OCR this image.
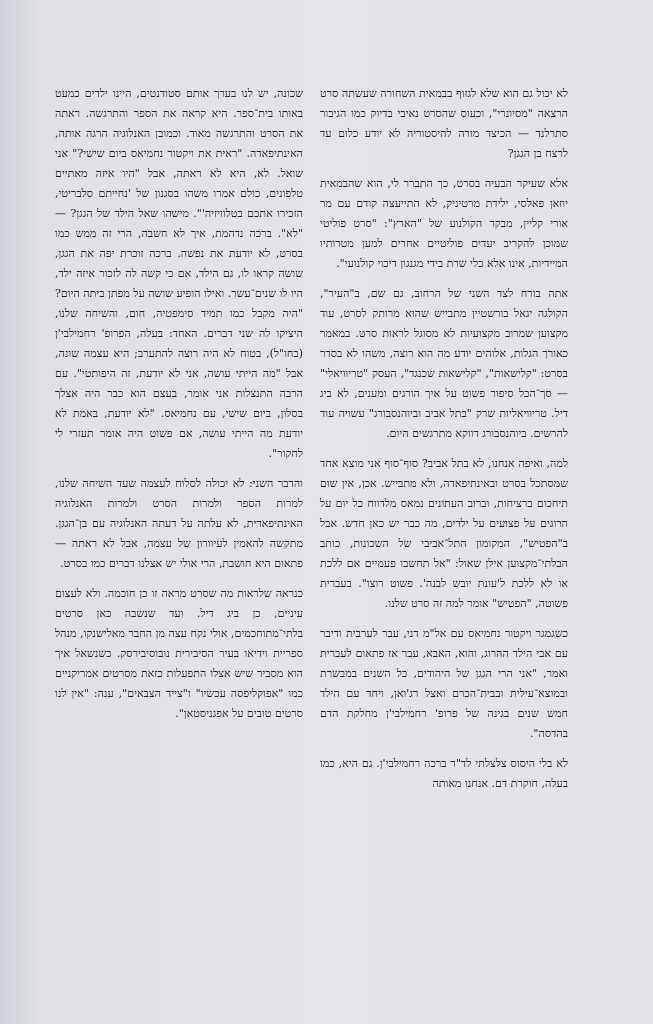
לא יכול גם הוא שלא לגזוף בבמאית השחורה שעשתה סרט הרצאה "מסיונרי", וכעוס שהסרט נאיבי בדיוק כמו הגיבור סתרלנד — הכיצד מורה להיסטוריה לא יודע כלום עד לרצח בן הגגן?

אלא שעיקר הבעיה בסרט, כך התברר לי, הוא שהבמאית יוזאן פאלסי, ילידת מרטיניק, לא התייעצה קודם עם מר אורי קליין, מבקר הקולנוע של "הארץ": "סרט פוליטי שמוכן להקריב יעדים פוליטיים אחרים למען מטרותיו המיידיות, אינו אלא כלי שרת בידי מגנגון דיכוי קולנועי".

אתה בורח לצד השני של הרחוב, גם שם, ב"העיר", הקולגה יגאל בורשטיין מתבייש שהוא מרותק לסרט, עוד מקצוען שמרוב מקצועיות לא מסוגל לראות סרט. במאמר כאורך הגלות, אלוהים יודע מה הוא רוצה, משהו לא בסדר בסרט: "קלישאות", "קלישאות שכנגד", העסק "טריוויאלי" — סך־הכל סיפור פשוט על איך הורגים ומענים, לא ביג דיל. טריוויאליות שרק "בתל אביב וביוהנסבורג" עשויה עוד להרשים. ביוהנסבורג דווקא מתרגשים היום.

למה, ואיפה אנחנו, לא בתל אביב? סוף־סוף אני מוצא אחד שמסתכל בסרט ובאינתיפאדה, ולא מתבייש. אכן, אין שום תיחכום ברציחות, וברוב העתונים נמאס מלדווח כל יום על הרוגים על פצועים על ילדים, מה כבר יש כאן חדש. אבל ב"הפטיש", המקומון התל־אביבי של השכונות, כותב הבלתי־מקצוען אילן שאול: "אל תחשבו פעמיים אם ללכת או לא ללכת ל'עונת יובש לבנה'. פשוט רוצו". בעברית פשוטה, "הפטיש" אומר למה זה סרט שלנו.

כשגמגר ויקטור נחמיאס עם אל"מ דני, עבר לערבית ודיבר עם אבי הילד ההרוג, והוא, האבא, עבר אז פתאום לעברית ואמר, "אני הרי הגגן של היהודים, כל השנים במבשרת ובמוצא־עילית ובבית־הכרם ואצל רג'ואן, ויחד עם הילד חמש שנים בגינה של פרופ' רחמילבי'ן מחלקת הדם בהדסה".

לא בלי היסוס צלצלתי לד"ר ברכה רחמילבי'ן. גם היא, כמו בעלה, חוקרת דם. אנחנו מאותה

שכונה, יש לנו בערך אותם סטודנטים, היינו ילדים כמעט באותו בית־ספר. היא קראה את הספר והתרגשה. ראתה את הסרט והתרגשה מאוד. וכמובן האנלוגיה הרגה אותה, האינתיפאדה. "ראית את ויקטור נחמיאס ביום שישי?" אני שואל. לא, היא לא ראתה, אבל "היו איזה מאתיים טלפונים, כולם אמרו משהו בסגנון של 'נחייתם סלבריטי, הזכירו אתכם בטלוויזיה'". מישהו שאל הילד של הגגן? — "לא". ברכה נדהמת, איך לא חשבה, הרי זה ממש כמו בסרט, לא יודעת את נפשה. ברכה זוכרת יפה את הגגן, שושה קראו לו, גם הילד, אם כי קשה לה לזכור איזה ילד, היו לו שנים־עשר. ואילו הופיע שושה על מפתן ביתה היום? "היה מקבל כמו תמיד סימפטיה, חום, והשיחה שלנו, היציקו לה שני דברים. האחד: בעלה, הפרופ' רחמילבי'ן (בחו"ל), בטוח לא היה רוצה להתערב; היא עצמה שונה, אבל "מה הייתי עושה, אני לא יודעת, זה היפותטי". עם הרבה התנצלות אני אומר, בעצם הוא כבר היה אצלך בסלון, ביום שישי, עם נחמיאס. "לא יודעת, באמת לא יודעת מה הייתי עושה, אם פשוט היה אומר תעזרי לי לחקור".

והדבר השני: לא יכולה לסלוח לעצמה שעד השיחה שלנו, למרות הספר ולמרות הסרט ולמרות האנלוגיה האינתיפאדית, לא עלתה על דעתה האנלוגיה עם בן־הגגן. מתקשה להאמין לעיוורון של עצמה, אבל לא ראתה — פתאום היא חושבת, הרי אולי יש אצלנו דברים כמו בסרט.

כנראה שלראות מה שסרט מראה זו כן חוכמה. ולא לעצום עיניים, כן ביג דיל. ועד שנשבה כאן סרטים בלתי־מתוחכמים, אולי נקח עצה מן החבר מאלישנקו, מנהל ספריית וידיאו בעיר הסיבירית נובוסיבירסק. כשנשאל איך הוא מסביר שיש אצלו התפעלות כזאת מסרטים אמריקניים כמו "אפוקליפסה עכשיו" ו"צייד הצבאים", ענה: "אין לנו סרטים טובים על אפגניסטאן".
